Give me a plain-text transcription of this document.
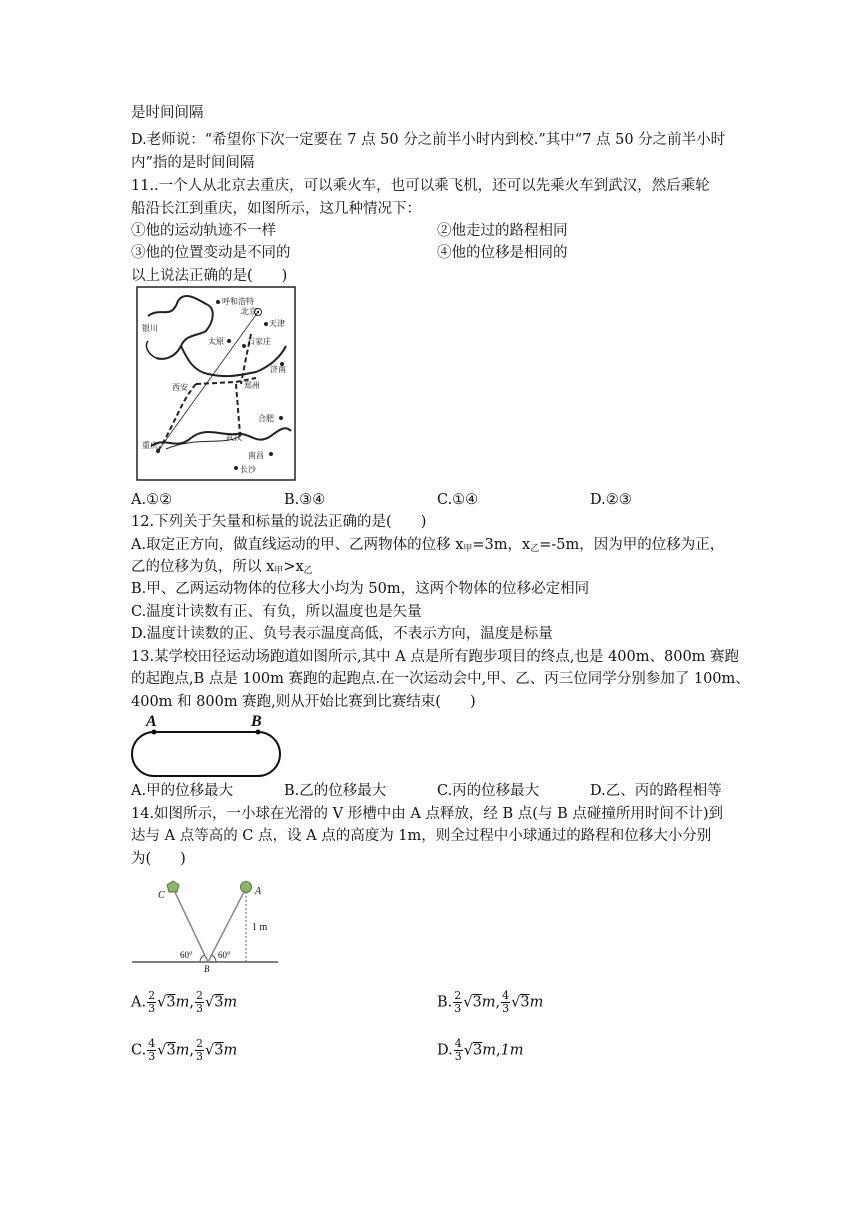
是时间间隔
D.老师说：“希望你下次一定要在 7 点 50 分之前半小时内到校.”其中“7 点 50 分之前半小时
内”指的是时间间隔
11..一个人从北京去重庆，可以乘火车，也可以乘飞机，还可以先乘火车到武汉，然后乘轮
船沿长江到重庆，如图所示，这几种情况下：
①他的运动轨迹不一样	②他走过的路程相同
③他的位置变动是不同的	④他的位移是相同的
以上说法正确的是(　　)
呼和浩特
北京
天津
银川
太原	石家庄
济南
西安	郑州
合肥
重庆
武汉
南昌
长沙
A.①②	B.③④	C.①④	D.②③
12.下列关于矢量和标量的说法正确的是(　　)
A.取定正方向，做直线运动的甲、乙两物体的位移 $x_甲=3m$，$x_乙=-5m$，因为甲的位移为正，
乙的位移为负，所以 $x_甲>x_乙$
B.甲、乙两运动物体的位移大小均为 50m，这两个物体的位移必定相同
C.温度计读数有正、有负，所以温度也是矢量
D.温度计读数的正、负号表示温度高低，不表示方向，温度是标量
13.某学校田径运动场跑道如图所示,其中 A 点是所有跑步项目的终点,也是 400m、800m 赛跑
的起跑点,B 点是 100m 赛跑的起跑点.在一次运动会中,甲、乙、丙三位同学分别参加了 100m、
400m 和 800m 赛跑,则从开始比赛到比赛结束(　　)
A	B
A.甲的位移最大	B.乙的位移最大	C.丙的位移最大	D.乙、丙的路程相等
14.如图所示，一小球在光滑的 V 形槽中由 A 点释放，经 B 点(与 B 点碰撞所用时间不计)到
达与 A 点等高的 C 点，设 A 点的高度为 1m，则全过程中小球通过的路程和位移大小分别
为(　　)
C	A
B
1 m
60°	60°
A. $\frac{2}{3} √3m$, $\frac{2}{3} √3m$	B. $\frac{2}{3} √3m$, $\frac{4}{3} √3m$
C. $\frac{4}{3} √3m$, $\frac{2}{3} √3m$	D. $\frac{4}{3} √3m,1m$
